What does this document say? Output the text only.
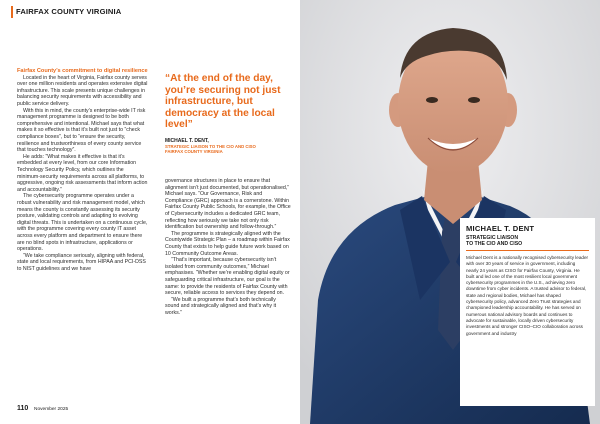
FAIRFAX COUNTY VIRGINIA

Fairfax County’s commitment to digital resilience

Located in the heart of Virginia, Fairfax county serves over one million residents and operates extensive digital infrastructure. This scale presents unique challenges in balancing security requirements with accessibility and public service delivery.

With this in mind, the county’s enterprise-wide IT risk management programme is designed to be both comprehensive and intentional. Michael says that what makes it so effective is that it’s built not just to “check compliance boxes”, but to “ensure the security, resilience and trustworthiness of every county service that touches technology”.

He adds: “What makes it effective is that it’s embedded at every level, from our core Information Technology Security Policy, which outlines the minimum-security requirements across all platforms, to aggressive, ongoing risk assessments that inform action and accountability.”

The cybersecurity programme operates under a robust vulnerability and risk management model, which means the county is constantly assessing its security posture, validating controls and adapting to evolving digital threats. This is undertaken on a continuous cycle, with the programme covering every county IT asset across every platform and department to ensure there are no blind spots in infrastructure, applications or operations.

“We take compliance seriously, aligning with federal, state and local requirements, from HIPAA and PCI-DSS to NIST guidelines and we have

“At the end of the day, you’re securing not just infrastructure, but democracy at the local level”

MICHAEL T. DENT,
STRATEGIC LIAISON TO THE CIO AND CISO
FAIRFAX COUNTY VIRGINIA

governance structures in place to ensure that alignment isn’t just documented, but operationalised,” Michael says. “Our Governance, Risk and Compliance (GRC) approach is a cornerstone. Within Fairfax County Public Schools, for example, the Office of Cybersecurity includes a dedicated GRC team, reflecting how seriously we take not only risk identification but ownership and follow-through.”

The programme is strategically aligned with the Countywide Strategic Plan – a roadmap within Fairfax County that exists to help guide future work based on 10 Community Outcome Areas.

“That’s important, because cybersecurity isn’t isolated from community outcomes,” Michael emphasises. “Whether we’re enabling digital equity or safeguarding critical infrastructure, our goal is the same: to provide the residents of Fairfax County with secure, reliable access to services they depend on.

“We built a programme that’s both technically sound and strategically aligned and that’s why it works.”

110 November 2025
MICHAEL T. DENT
STRATEGIC LIAISON
TO THE CIO AND CISO

Michael Dent is a nationally recognised cybersecurity leader with over 30 years of service in government, including nearly 24 years as CISO for Fairfax County, Virginia. He built and led one of the most resilient local government cybersecurity programmes in the U.S., achieving zero downtime from cyber incidents. A trusted advisor to federal, state and regional bodies, Michael has shaped cybersecurity policy, advanced Zero Trust strategies and championed leadership accountability. He has served on numerous national advisory boards and continues to advocate for sustainable, locally driven cybersecurity investments and stronger CISO–CIO collaboration across government and industry
